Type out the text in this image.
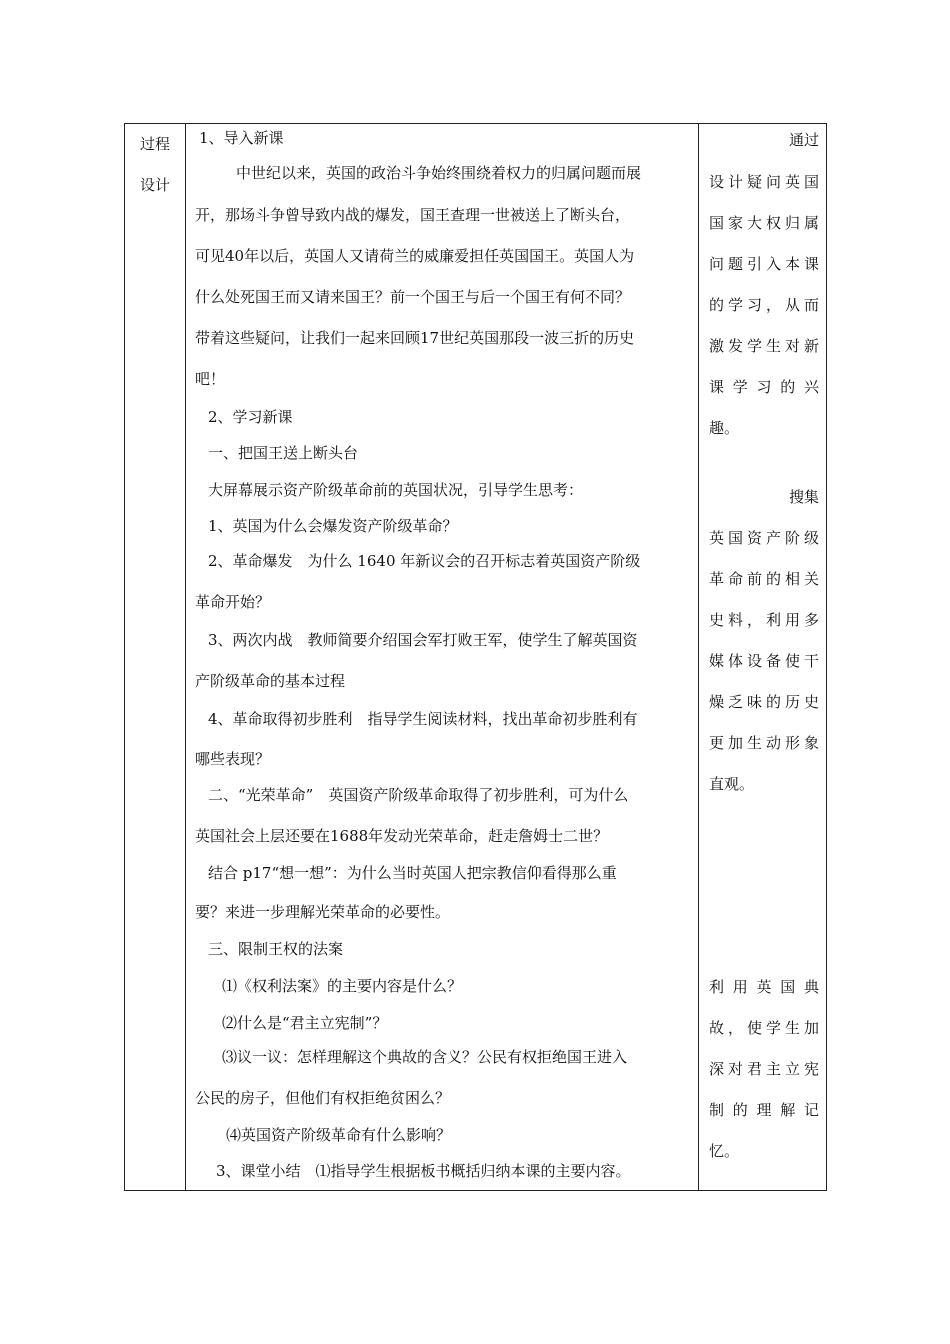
过程
设计
1、导入新课
中世纪以来，英国的政治斗争始终围绕着权力的归属问题而展
开，那场斗争曾导致内战的爆发，国王查理一世被送上了断头台，
可见40年以后，英国人又请荷兰的威廉爱担任英国国王。英国人为
什么处死国王而又请来国王？前一个国王与后一个国王有何不同？
带着这些疑问，让我们一起来回顾17世纪英国那段一波三折的历史
吧！
2、学习新课
一、把国王送上断头台
大屏幕展示资产阶级革命前的英国状况，引导学生思考：
1、英国为什么会爆发资产阶级革命？
2、革命爆发　为什么 1640 年新议会的召开标志着英国资产阶级
革命开始？
3、两次内战　教师简要介绍国会军打败王军，使学生了解英国资
产阶级革命的基本过程
4、革命取得初步胜利　指导学生阅读材料，找出革命初步胜利有
哪些表现？
二、“光荣革命”　英国资产阶级革命取得了初步胜利，可为什么
英国社会上层还要在1688年发动光荣革命，赶走詹姆士二世？
结合 p17“想一想”：为什么当时英国人把宗教信仰看得那么重
要？来进一步理解光荣革命的必要性。
三、限制王权的法案
⑴《权利法案》的主要内容是什么？
⑵什么是“君主立宪制”？
⑶议一议：怎样理解这个典故的含义？公民有权拒绝国王进入
公民的房子，但他们有权拒绝贫困么？
⑷英国资产阶级革命有什么影响？
3、课堂小结　⑴指导学生根据板书概括归纳本课的主要内容。
通过
设计疑问英国
国家大权归属
问题引入本课
的学习，从而
激发学生对新
课学习的兴
趣。
搜集
英国资产阶级
革命前的相关
史料，利用多
媒体设备使干
燥乏味的历史
更加生动形象
直观。
利用英国典
故，使学生加
深对君主立宪
制的理解记
忆。
